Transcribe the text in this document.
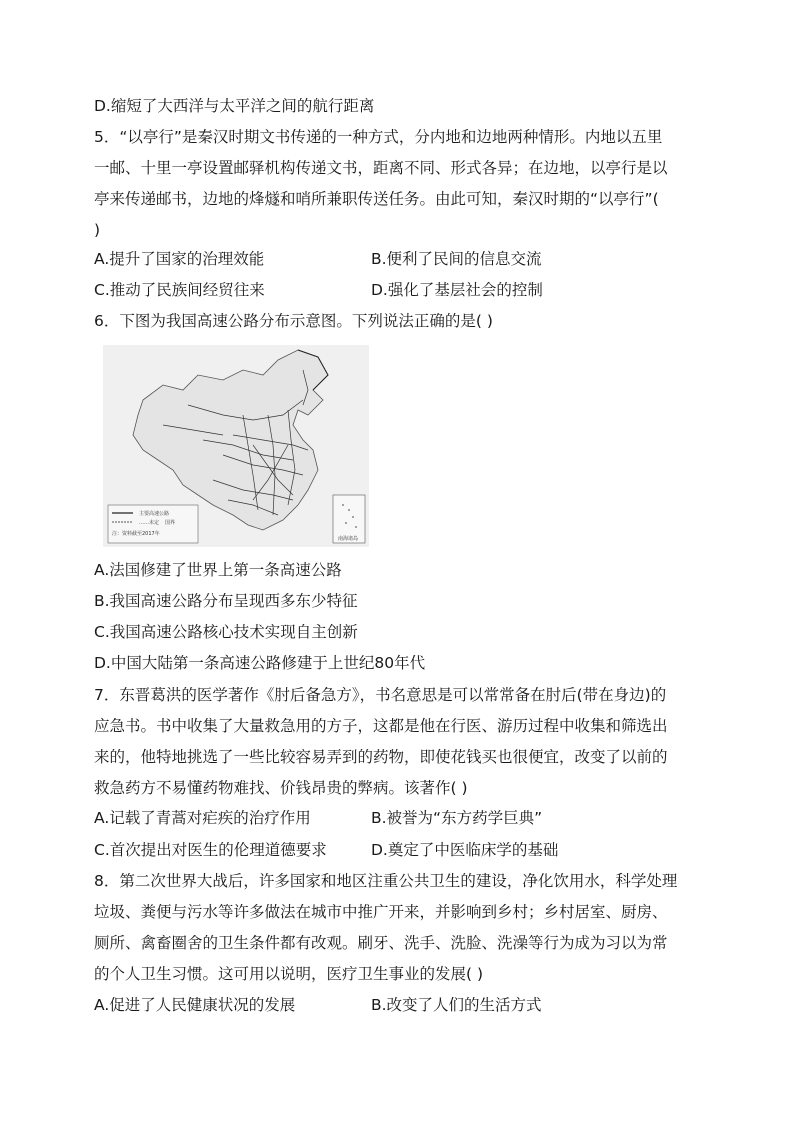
D.缩短了大西洋与太平洋之间的航行距离
5．“以亭行”是秦汉时期文书传递的一种方式，分内地和边地两种情形。内地以五里
一邮、十里一亭设置邮驿机构传递文书，距离不同、形式各异；在边地，以亭行是以
亭来传递邮书，边地的烽燧和哨所兼职传送任务。由此可知，秦汉时期的“以亭行”(
)
A.提升了国家的治理效能	B.便利了民间的信息交流
C.推动了民族间经贸往来	D.强化了基层社会的控制
6．下图为我国高速公路分布示意图。下列说法正确的是( )
主要高速公路
……未定 国界
注：资料截至2017年
南海诸岛
A.法国修建了世界上第一条高速公路
B.我国高速公路分布呈现西多东少特征
C.我国高速公路核心技术实现自主创新
D.中国大陆第一条高速公路修建于上世纪80年代
7．东晋葛洪的医学著作《肘后备急方》，书名意思是可以常常备在肘后(带在身边)的
应急书。书中收集了大量救急用的方子，这都是他在行医、游历过程中收集和筛选出
来的，他特地挑选了一些比较容易弄到的药物，即使花钱买也很便宜，改变了以前的
救急药方不易懂药物难找、价钱昂贵的弊病。该著作( )
A.记载了青蒿对疟疾的治疗作用	B.被誉为“东方药学巨典”
C.首次提出对医生的伦理道德要求	D.奠定了中医临床学的基础
8．第二次世界大战后，许多国家和地区注重公共卫生的建设，净化饮用水，科学处理
垃圾、粪便与污水等许多做法在城市中推广开来，并影响到乡村；乡村居室、厨房、
厕所、禽畜圈舍的卫生条件都有改观。刷牙、洗手、洗脸、洗澡等行为成为习以为常
的个人卫生习惯。这可用以说明，医疗卫生事业的发展( )
A.促进了人民健康状况的发展	B.改变了人们的生活方式
